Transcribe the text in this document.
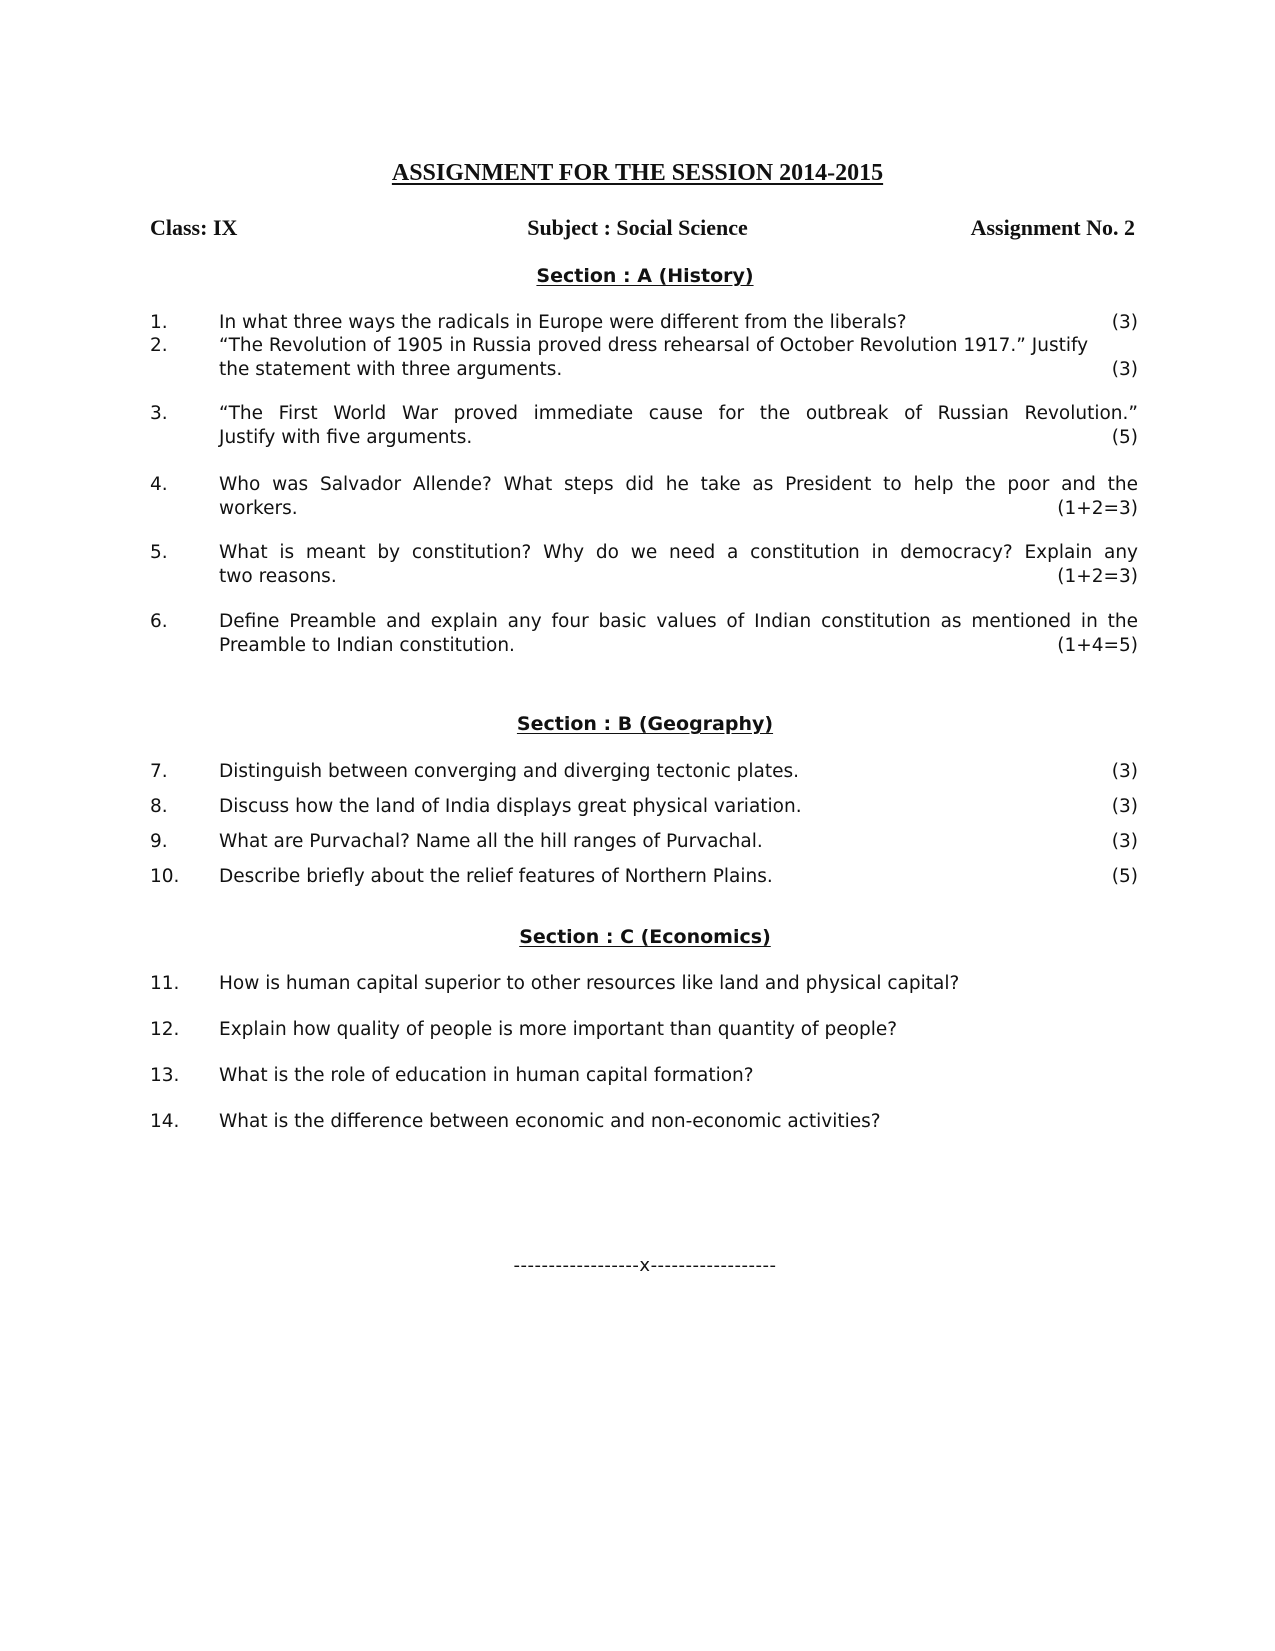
ASSIGNMENT FOR THE SESSION 2014-2015
Class: IX	Subject : Social Science	Assignment No. 2
Section : A (History)
1.	In what three ways the radicals in Europe were different from the liberals?	(3)
2.	“The Revolution of 1905 in Russia proved dress rehearsal of October Revolution 1917.” Justify
the statement with three arguments.	(3)
3.	“The First World War proved immediate cause for the outbreak of Russian Revolution.”
Justify with five arguments.	(5)
4.	Who was Salvador Allende? What steps did he take as President to help the poor and the
workers.	(1+2=3)
5.	What is meant by constitution? Why do we need a constitution in democracy? Explain any
two reasons.	(1+2=3)
6.	Define Preamble and explain any four basic values of Indian constitution as mentioned in the
Preamble to Indian constitution.	(1+4=5)
Section : B (Geography)
7.	Distinguish between converging and diverging tectonic plates.	(3)
8.	Discuss how the land of India displays great physical variation.	(3)
9.	What are Purvachal? Name all the hill ranges of Purvachal.	(3)
10.	Describe briefly about the relief features of Northern Plains.	(5)
Section : C (Economics)
11.	How is human capital superior to other resources like land and physical capital?
12.	Explain how quality of people is more important than quantity of people?
13.	What is the role of education in human capital formation?
14.	What is the difference between economic and non-economic activities?
------------------x------------------
